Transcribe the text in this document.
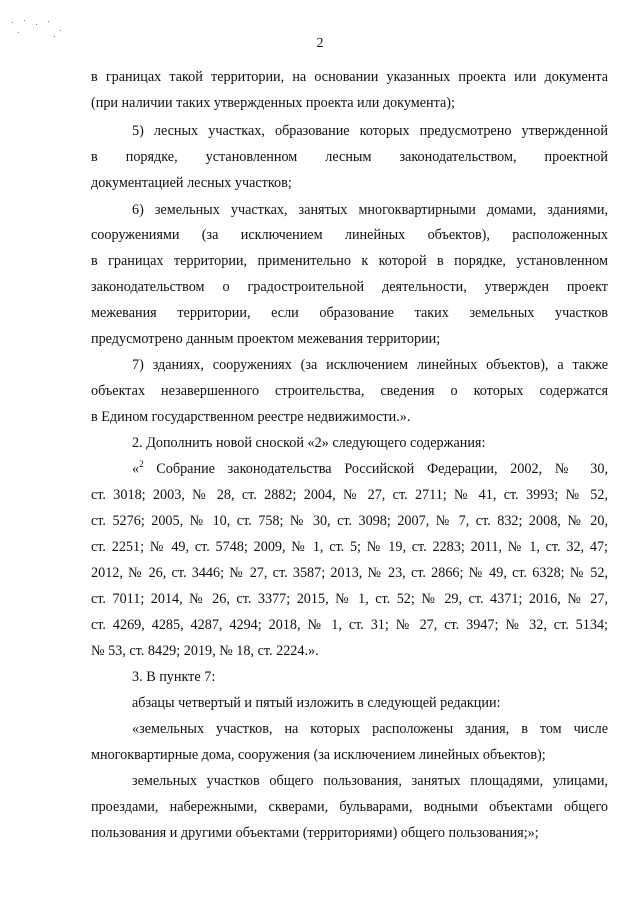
2
в границах такой территории, на основании указанных проекта или документа
(при наличии таких утвержденных проекта или документа);
5) лесных участках, образование которых предусмотрено утвержденной
в порядке, установленном лесным законодательством, проектной
документацией лесных участков;
6) земельных участках, занятых многоквартирными домами, зданиями,
сооружениями (за исключением линейных объектов), расположенных
в границах территории, применительно к которой в порядке, установленном
законодательством о градостроительной деятельности, утвержден проект
межевания территории, если образование таких земельных участков
предусмотрено данным проектом межевания территории;
7) зданиях, сооружениях (за исключением линейных объектов), а также
объектах незавершенного строительства, сведения о которых содержатся
в Едином государственном реестре недвижимости.».
2. Дополнить новой сноской «2» следующего содержания:
«$^2$ Собрание законодательства Российской Федерации, 2002, № 30,
ст. 3018; 2003, № 28, ст. 2882; 2004, № 27, ст. 2711; № 41, ст. 3993; № 52,
ст. 5276; 2005, № 10, ст. 758; № 30, ст. 3098; 2007, № 7, ст. 832; 2008, № 20,
ст. 2251; № 49, ст. 5748; 2009, № 1, ст. 5; № 19, ст. 2283; 2011, № 1, ст. 32, 47;
2012, № 26, ст. 3446; № 27, ст. 3587; 2013, № 23, ст. 2866; № 49, ст. 6328; № 52,
ст. 7011; 2014, № 26, ст. 3377; 2015, № 1, ст. 52; № 29, ст. 4371; 2016, № 27,
ст. 4269, 4285, 4287, 4294; 2018, № 1, ст. 31; № 27, ст. 3947; № 32, ст. 5134;
№ 53, ст. 8429; 2019, № 18, ст. 2224.».
3. В пункте 7:
абзацы четвертый и пятый изложить в следующей редакции:
«земельных участков, на которых расположены здания, в том числе
многоквартирные дома, сооружения (за исключением линейных объектов);
земельных участков общего пользования, занятых площадями, улицами,
проездами, набережными, скверами, бульварами, водными объектами общего
пользования и другими объектами (территориями) общего пользования;»;
